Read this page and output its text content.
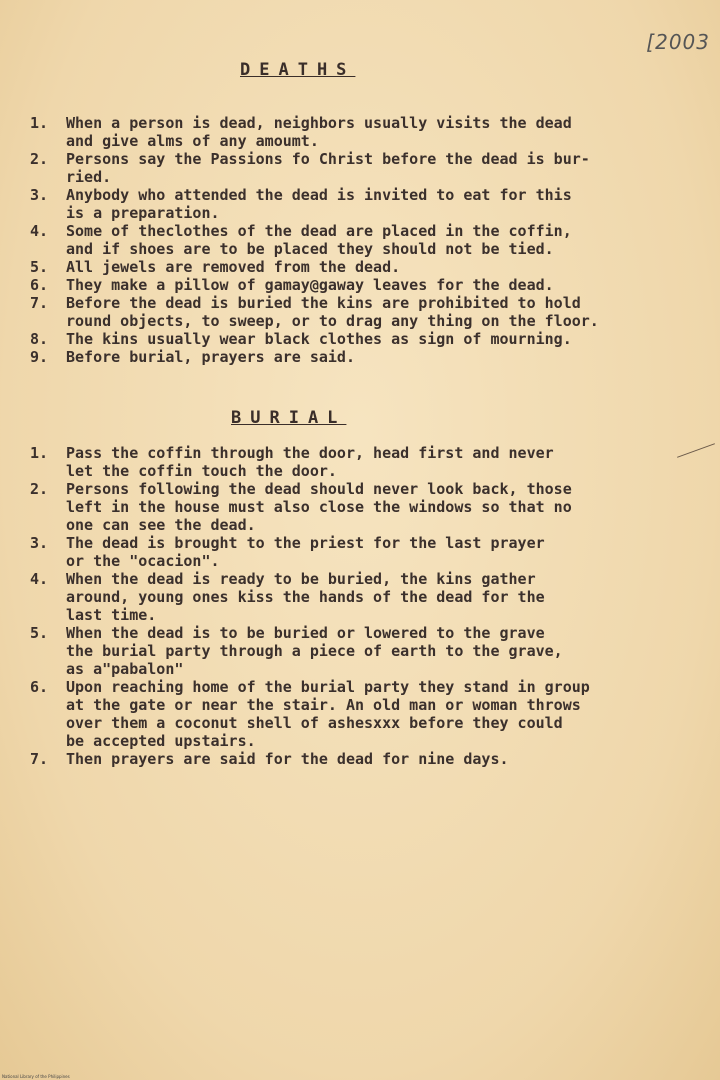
[2003
DEATHS
1.	When a person is dead, neighbors usually visits the dead
and give alms of any amoumt.
2.	Persons say the Passions fo Christ before the dead is bur-
ried.
3.	Anybody who attended the dead is invited to eat for this
is a preparation.
4.	Some of theclothes of the dead are placed in the coffin,
and if shoes are to be placed they should not be tied.
5.	All jewels are removed from the dead.
6.	They make a pillow of gamay@gaway leaves for the dead.
7.	Before the dead is buried the kins are prohibited to hold
round objects, to sweep, or to drag any thing on the floor.
8.	The kins usually wear black clothes as sign of mourning.
9.	Before burial, prayers are said.
BURIAL
1.	Pass the coffin through the door, head first and never
let the coffin touch the door.
2.	Persons following the dead should never look back, those
left in the house must also close the windows so that no
one can see the dead.
3.	The dead is brought to the priest for the last prayer
or the "ocacion".
4.	When the dead is ready to be buried, the kins gather
around, young ones kiss the hands of the dead for the
last time.
5.	When the dead is to be buried or lowered to the grave
the burial party through a piece of earth to the grave,
as a"pabalon"
6.	Upon reaching home of the burial party they stand in group
at the gate or near the stair. An old man or woman throws
over them a coconut shell of ashesxxx before they could
be accepted upstairs.
7.	Then prayers are said for the dead for nine days.
National Library of the Philippines
